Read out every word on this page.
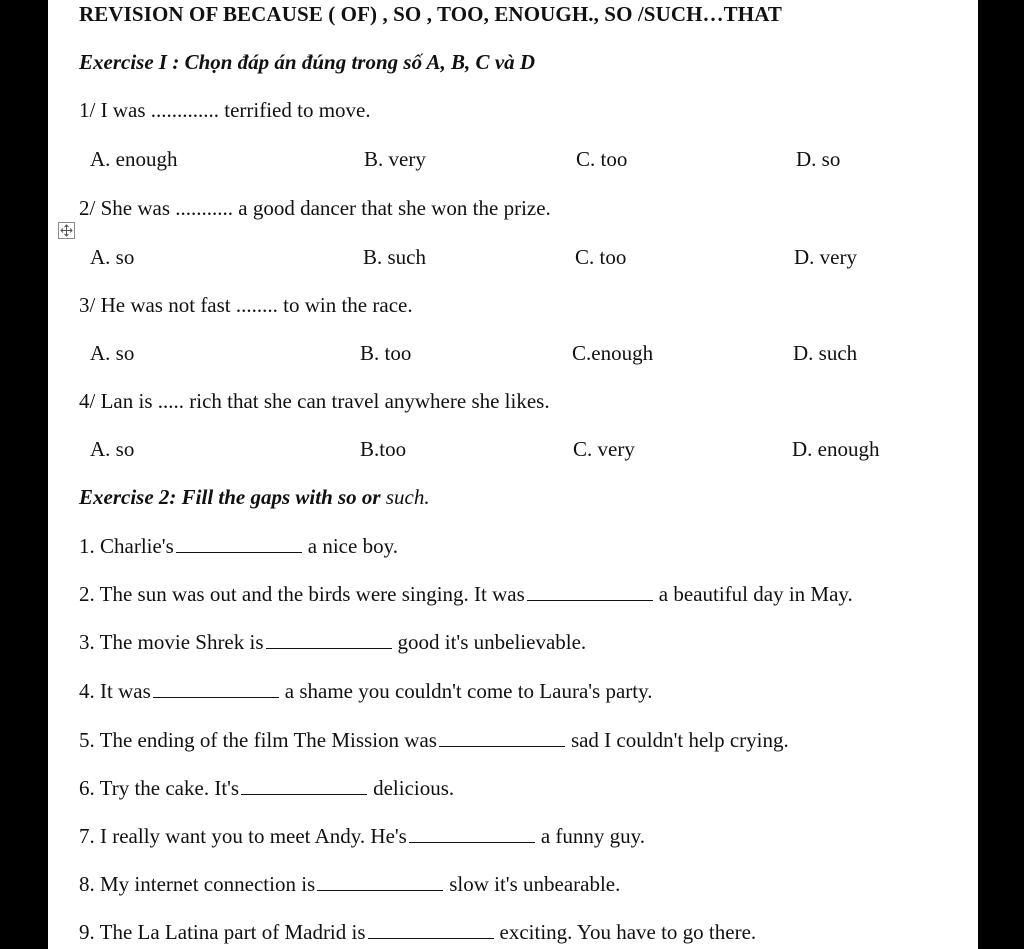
REVISION OF BECAUSE ( OF) , SO , TOO, ENOUGH., SO /SUCH…THAT
Exercise I : Chọn đáp án đúng trong số A, B, C và D
1/ I was ............. terrified to move.
A. enough	B. very	C. too	D. so
2/ She was ........... a good dancer that she won the prize.
A. so	B. such	C. too	D. very
3/ He was not fast ........ to win the race.
A. so	B. too	C.enough	D. such
4/ Lan is ..... rich that she can travel anywhere she likes.
A. so	B.too	C. very	D. enough
Exercise 2: Fill the gaps with so or such.
1. Charlie's	a nice boy.
2. The sun was out and the birds were singing. It was	a beautiful day in May.
3. The movie Shrek is	good it's unbelievable.
4. It was	a shame you couldn't come to Laura's party.
5. The ending of the film The Mission was	sad I couldn't help crying.
6. Try the cake. It's	delicious.
7. I really want you to meet Andy. He's	a funny guy.
8. My internet connection is	slow it's unbearable.
9. The La Latina part of Madrid is	exciting. You have to go there.
